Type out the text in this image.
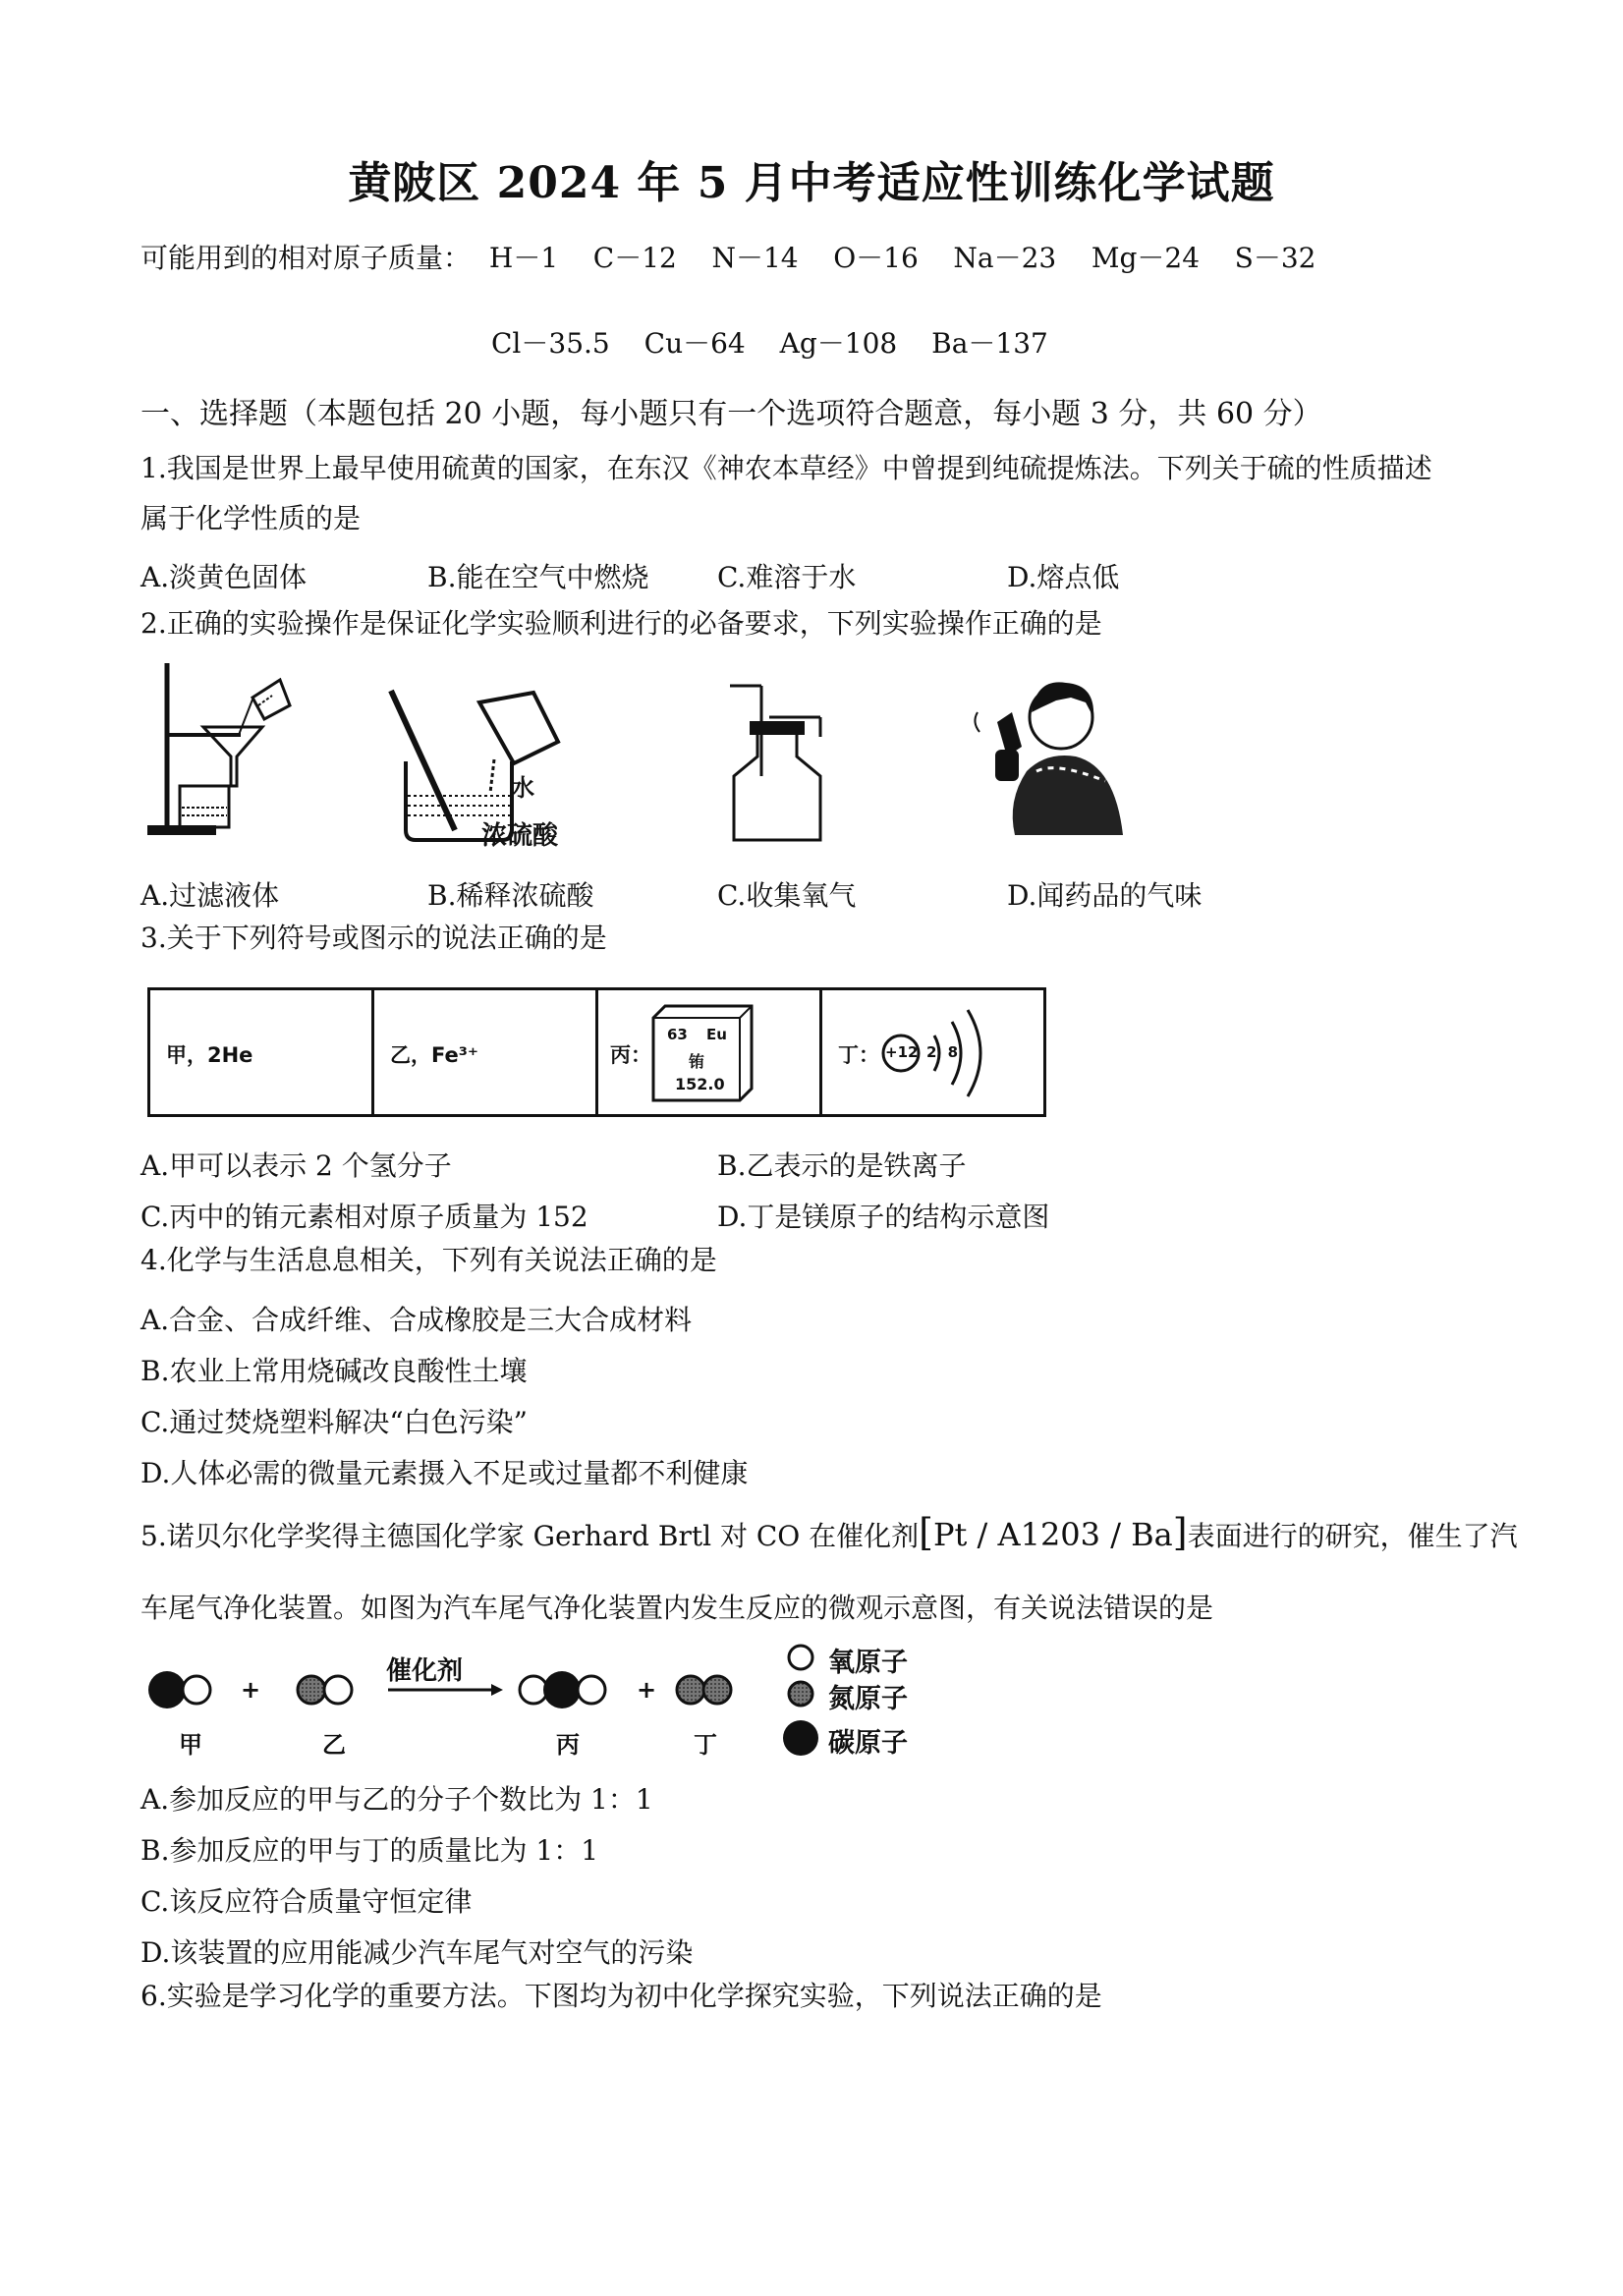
黄陂区 2024 年 5 月中考适应性训练化学试题
可能用到的相对原子质量： H－1 C－12 N－14 O－16 Na－23 Mg－24 S－32
Cl－35.5 Cu－64 Ag－108 Ba－137
一、选择题（本题包括 20 小题，每小题只有一个选项符合题意，每小题 3 分，共 60 分）
1.我国是世界上最早使用硫黄的国家，在东汉《神农本草经》中曾提到纯硫提炼法。下列关于硫的性质描述
属于化学性质的是
A.淡黄色固体	B.能在空气中燃烧 C.难溶于水	D.熔点低
2.正确的实验操作是保证化学实验顺利进行的必备要求，下列实验操作正确的是
水
浓硫酸
A.过滤液体	B.稀释浓硫酸	C.收集氧气	D.闻药品的气味
3.关于下列符号或图示的说法正确的是
甲，2He	乙，Fe³⁺	丙：
63 Eu
铕
152.0
丁： +12 2 8
A.甲可以表示 2 个氢分子	B.乙表示的是铁离子
C.丙中的铕元素相对原子质量为 152	D.丁是镁原子的结构示意图
4.化学与生活息息相关，下列有关说法正确的是
A.合金、合成纤维、合成橡胶是三大合成材料
B.农业上常用烧碱改良酸性土壤
C.通过焚烧塑料解决“白色污染”
D.人体必需的微量元素摄入不足或过量都不利健康
5.诺贝尔化学奖得主德国化学家 Gerhard Brtl 对 CO 在催化剂[Pt / A1203 / Ba]表面进行的研究，催生了汽
车尾气净化装置。如图为汽车尾气净化装置内发生反应的微观示意图，有关说法错误的是
+	+
催化剂
甲	乙	丙	丁
氧原子
氮原子
碳原子
A.参加反应的甲与乙的分子个数比为 1：1
B.参加反应的甲与丁的质量比为 1：1
C.该反应符合质量守恒定律
D.该装置的应用能减少汽车尾气对空气的污染
6.实验是学习化学的重要方法。下图均为初中化学探究实验，下列说法正确的是
